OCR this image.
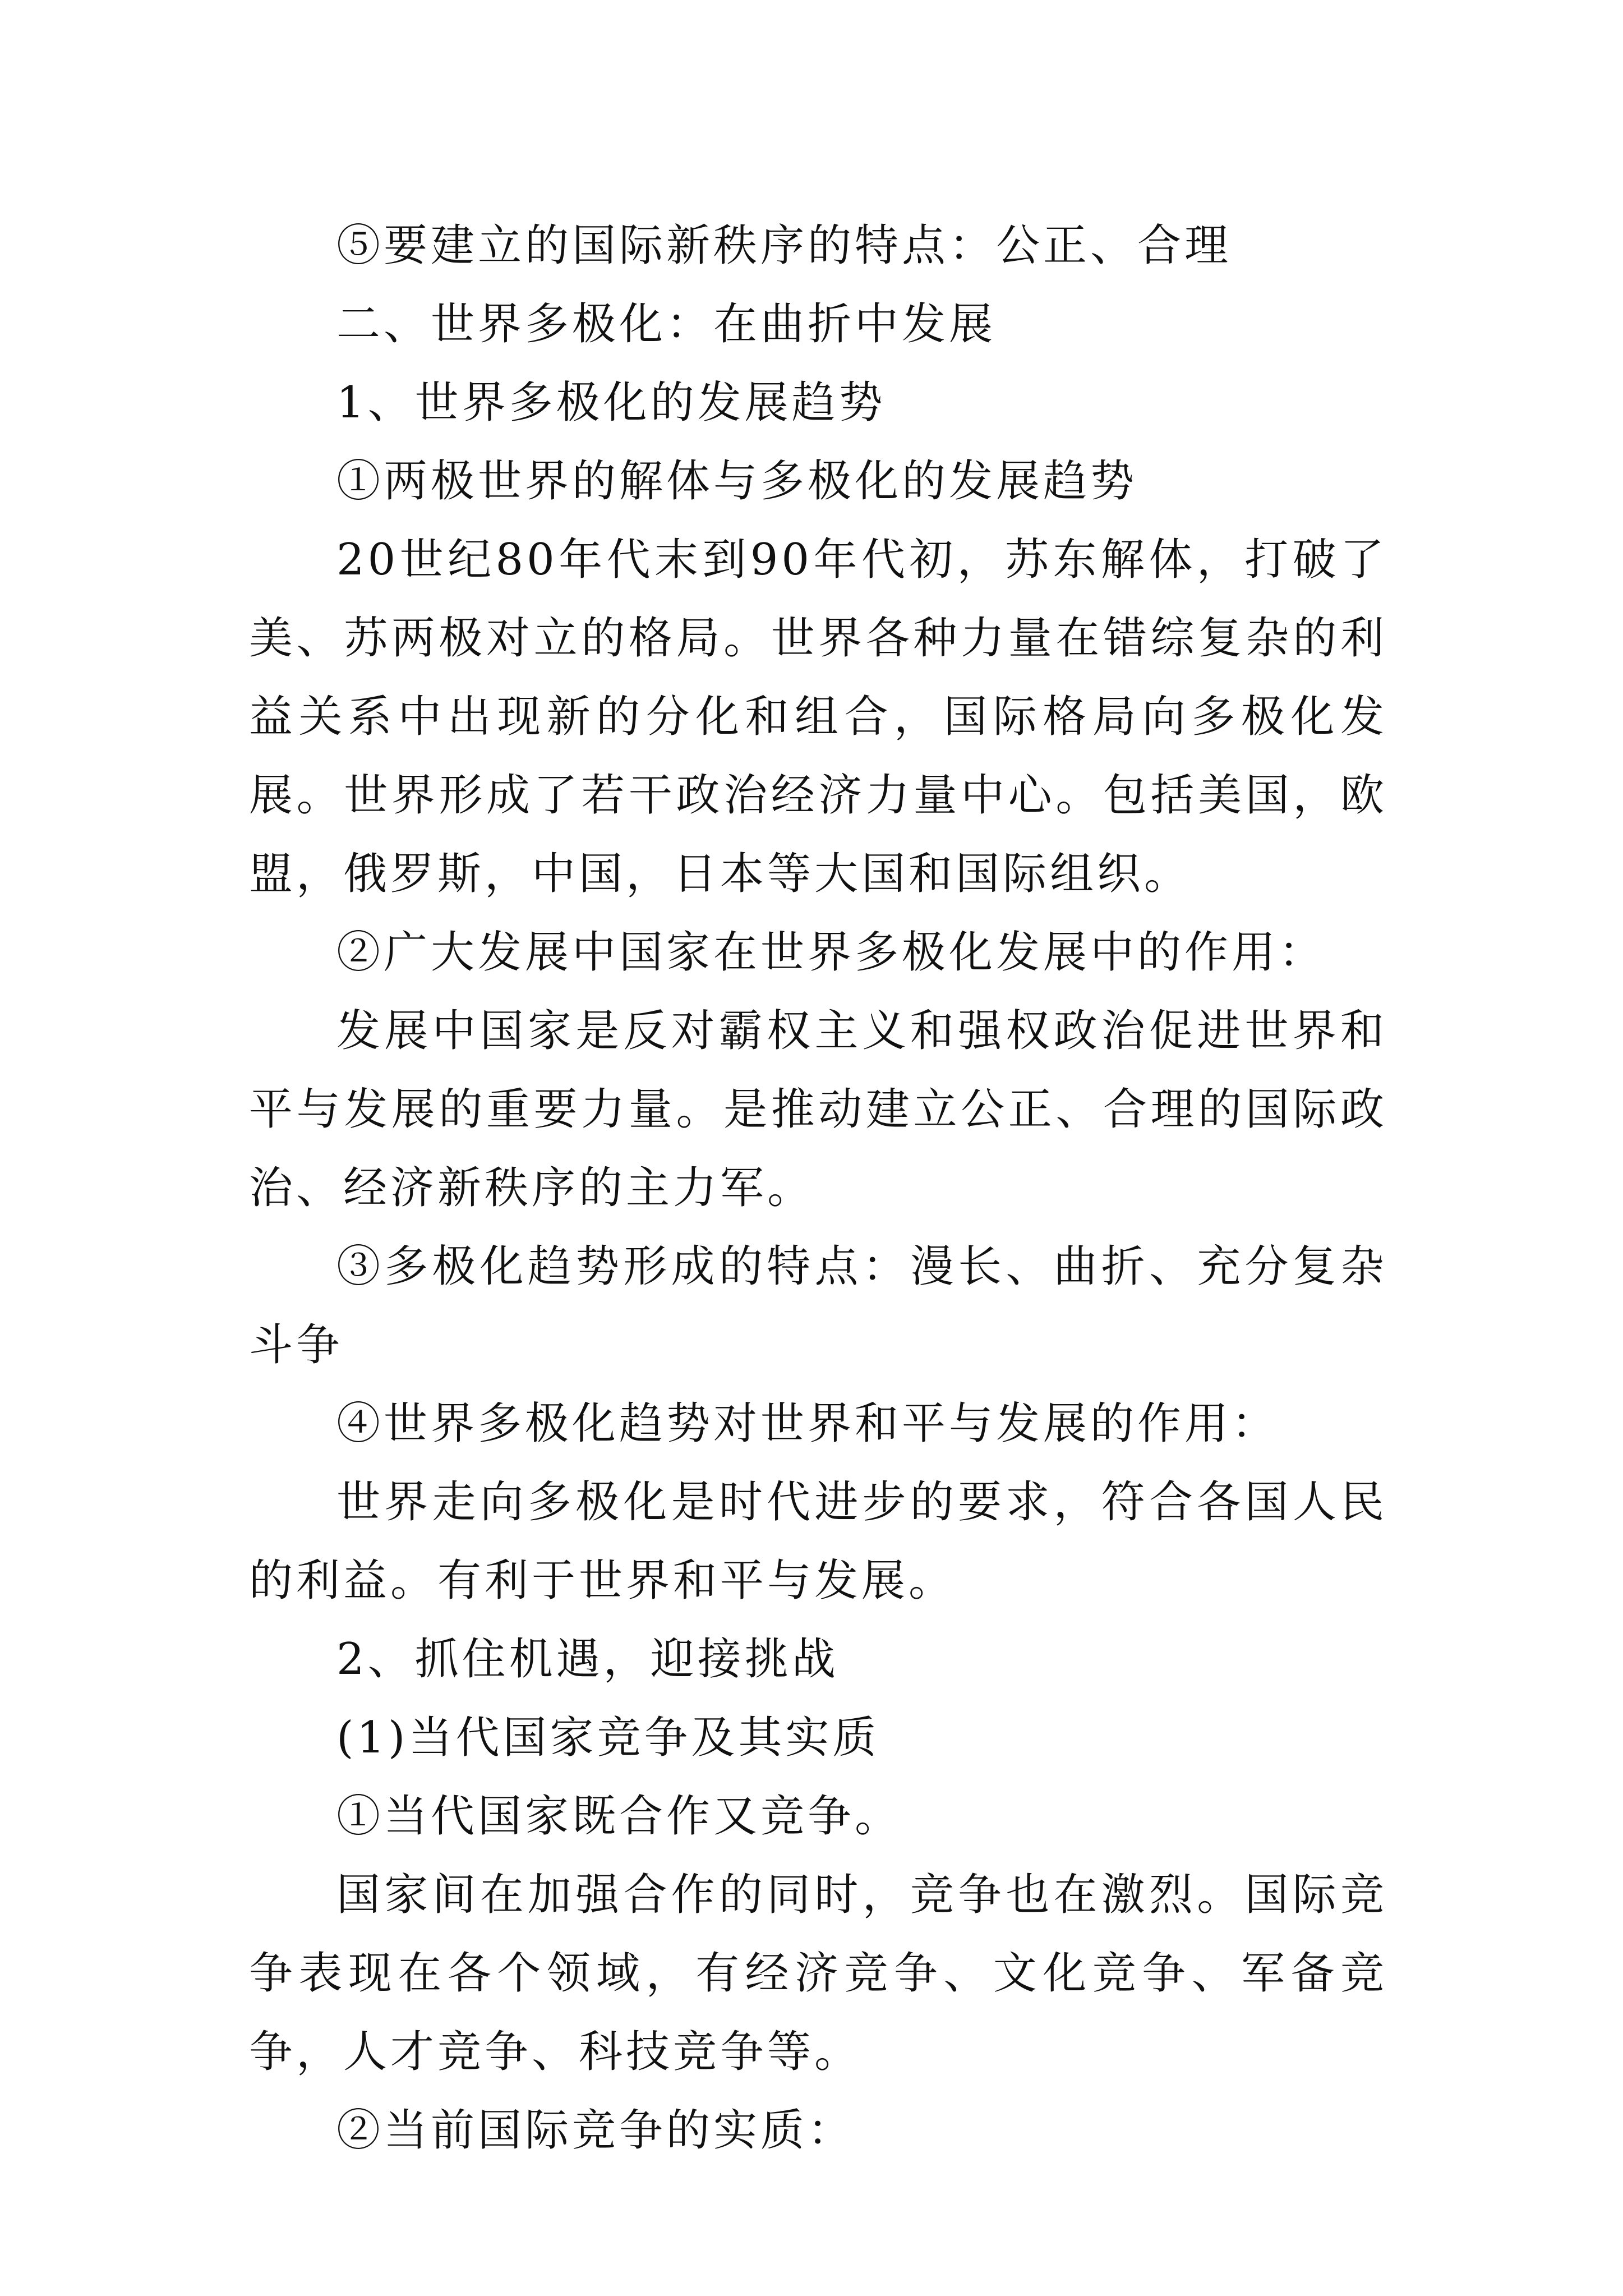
⑤要建立的国际新秩序的特点：公正、合理

二、世界多极化：在曲折中发展

1、世界多极化的发展趋势

①两极世界的解体与多极化的发展趋势

20世纪80年代末到90年代初，苏东解体，打破了美、苏两极对立的格局。世界各种力量在错综复杂的利益关系中出现新的分化和组合，国际格局向多极化发展。世界形成了若干政治经济力量中心。包括美国，欧盟，俄罗斯，中国，日本等大国和国际组织。

②广大发展中国家在世界多极化发展中的作用：

发展中国家是反对霸权主义和强权政治促进世界和平与发展的重要力量。是推动建立公正、合理的国际政治、经济新秩序的主力军。

③多极化趋势形成的特点：漫长、曲折、充分复杂斗争

④世界多极化趋势对世界和平与发展的作用：

世界走向多极化是时代进步的要求，符合各国人民的利益。有利于世界和平与发展。

2、抓住机遇，迎接挑战

(1)当代国家竞争及其实质

①当代国家既合作又竞争。

国家间在加强合作的同时，竞争也在激烈。国际竞争表现在各个领域，有经济竞争、文化竞争、军备竞争，人才竞争、科技竞争等。

②当前国际竞争的实质：
